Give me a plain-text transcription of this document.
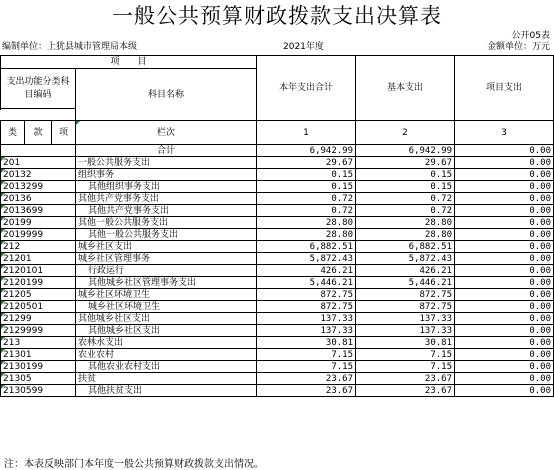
一般公共预算财政拨款支出决算表
公开05表
编制单位：上犹县城市管理局本级	2021年度	金额单位：万元
项　　目				本年支出合计	基本支出	项目支出
支出功能分类科目编码			科目名称			

类	款	项	栏次	1	2	3
			合计	6,942.99	6,942.99	0.00
201			一般公共服务支出	29.67	29.67	0.00
20132			组织事务	0.15	0.15	0.00
2013299			其他组织事务支出	0.15	0.15	0.00
20136			其他共产党事务支出	0.72	0.72	0.00
2013699			其他共产党事务支出	0.72	0.72	0.00
20199			其他一般公共服务支出	28.80	28.80	0.00
2019999			其他一般公共服务支出	28.80	28.80	0.00
212			城乡社区支出	6,882.51	6,882.51	0.00
21201			城乡社区管理事务	5,872.43	5,872.43	0.00
2120101			行政运行	426.21	426.21	0.00
2120199			其他城乡社区管理事务支出	5,446.21	5,446.21	0.00
21205			城乡社区环境卫生	872.75	872.75	0.00
2120501			城乡社区环境卫生	872.75	872.75	0.00
21299			其他城乡社区支出	137.33	137.33	0.00
2129999			其他城乡社区支出	137.33	137.33	0.00
213			农林水支出	30.81	30.81	0.00
21301			农业农村	7.15	7.15	0.00
2130199			其他农业农村支出	7.15	7.15	0.00
21305			扶贫	23.67	23.67	0.00
2130599			其他扶贫支出	23.67	23.67	0.00
注：本表反映部门本年度一般公共预算财政拨款支出情况。
